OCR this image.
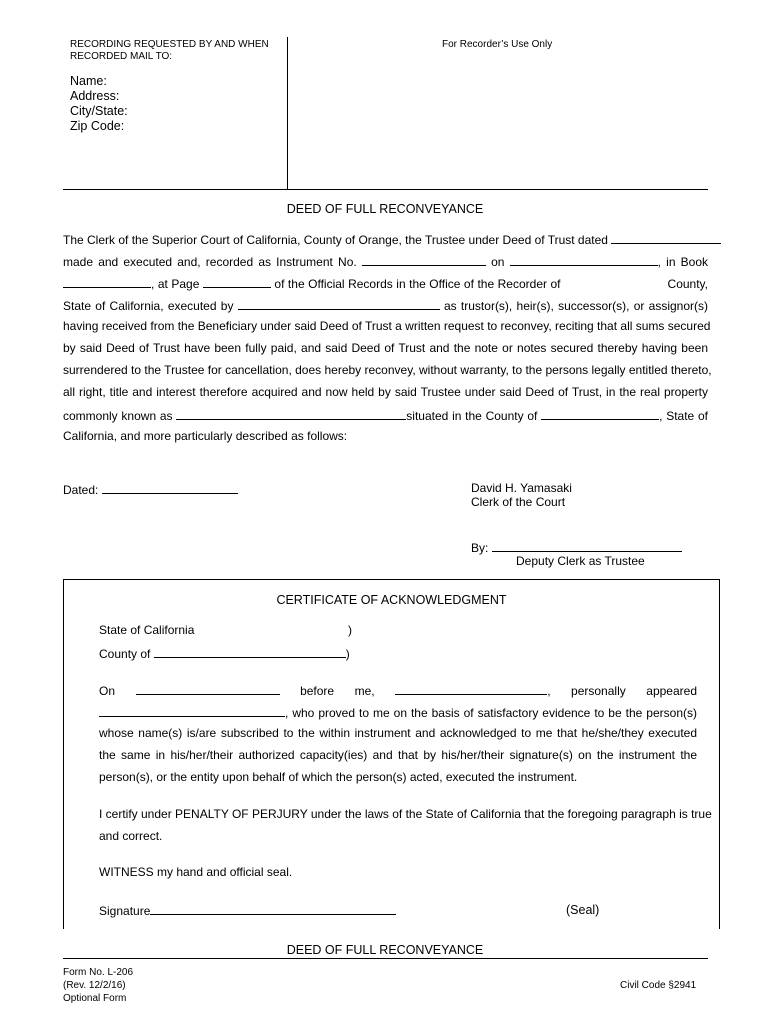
RECORDING REQUESTED BY AND WHEN
RECORDED MAIL TO:
For Recorder’s Use Only
Name:
Address:
City/State:
Zip Code:
DEED OF FULL RECONVEYANCE
The Clerk of the Superior Court of California, County of Orange, the Trustee under Deed of Trust dated
made and executed and, recorded as Instrument No.	on	, in Book
, at Page	of the Official Records in the Office of the Recorder of	County,
State of California, executed by	as trustor(s), heir(s), successor(s), or assignor(s)
having received from the Beneficiary under said Deed of Trust a written request to reconvey, reciting that all sums secured
by said Deed of Trust have been fully paid, and said Deed of Trust and the note or notes secured thereby having been
surrendered to the Trustee for cancellation, does hereby reconvey, without warranty, to the persons legally entitled thereto,
all right, title and interest therefore acquired and now held by said Trustee under said Deed of Trust, in the real property
commonly known as	situated in the County of	, State of
California, and more particularly described as follows:
Dated:	David H. Yamasaki
Clerk of the Court
By:
Deputy Clerk as Trustee
CERTIFICATE OF ACKNOWLEDGMENT
State of California	)
County of	)
On	before me,	, personally appeared
, who proved to me on the basis of satisfactory evidence to be the person(s)
whose name(s) is/are subscribed to the within instrument and acknowledged to me that he/she/they executed
the same in his/her/their authorized capacity(ies) and that by his/her/their signature(s) on the instrument the
person(s), or the entity upon behalf of which the person(s) acted, executed the instrument.
I certify under PENALTY OF PERJURY under the laws of the State of California that the foregoing paragraph is true
and correct.
WITNESS my hand and official seal.
Signature	(Seal)
DEED OF FULL RECONVEYANCE
Form No. L-206
(Rev. 12/2/16)
Optional Form
Civil Code §2941
